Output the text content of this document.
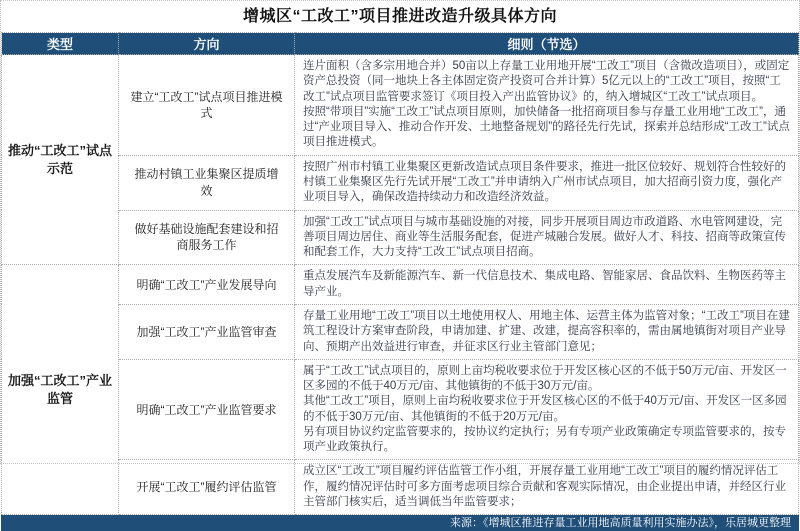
增城区“工改工”项目推进改造升级具体方向
类型	方向	细则（节选）
推动“工改工”试点示范	建立“工改工”试点项目推进模式	连片面积（含多宗用地合并）50亩以上存量工业用地开展“工改工”项目（含微改造项目），或固定资产总投资（同一地块上各主体固定资产投资可合并计算）5亿元以上的“工改工”项目，按照“工改工”试点项目监管要求签订《项目投入产出监管协议》的，纳入增城区“工改工”试点项目。
按照“带项目”实施“工改工”试点项目原则，加快储备一批招商项目参与存量工业用地“工改工”，通过“产业项目导入、推动合作开发、土地整备规划”的路径先行先试，探索并总结形成“工改工”试点项目推进模式。

	推动村镇工业集聚区提质增效	按照广州市村镇工业集聚区更新改造试点项目条件要求，推进一批区位较好、规划符合性较好的村镇工业集聚区先行先试开展“工改工”并申请纳入广州市试点项目，加大招商引资力度，强化产业项目导入，确保改造持续动力和改造经济效益。

	做好基础设施配套建设和招商服务工作	加强“工改工”试点项目与城市基础设施的对接，同步开展项目周边市政道路、水电管网建设，完善项目周边居住、商业等生活服务配套，促进产城融合发展。做好人才、科技、招商等政策宣传和配套工作，大力支持“工改工”试点项目招商。

加强“工改工”产业监管	明确“工改工”产业发展导向	重点发展汽车及新能源汽车、新一代信息技术、集成电路、智能家居、食品饮料、生物医药等主导产业。

	加强“工改工”产业监管审查	存量工业用地“工改工”项目以土地使用权人、用地主体、运营主体为监管对象；“工改工”项目在建筑工程设计方案审查阶段，申请加建、扩建、改建，提高容积率的，需由属地镇街对项目产业导向、预期产出效益进行审查，并征求区行业主管部门意见；

	明确“工改工”产业监管要求	属于“工改工”试点项目的，原则上亩均税收要求位于开发区核心区的不低于50万元/亩、开发区一区多园的不低于40万元/亩、其他镇街的不低于30万元/亩。
其他“工改工”项目，原则上亩均税收要求位于开发区核心区的不低于40万元/亩、开发区一区多园的不低于30万元/亩、其他镇街的不低于20万元/亩。
另有项目协议约定监管要求的，按协议约定执行；另有专项产业政策确定专项监管要求的，按专项产业政策执行。

	开展“工改工”履约评估监管	成立区“工改工”项目履约评估监管工作小组，开展存量工业用地“工改工”项目的履约情况评估工作，履约情况评估时可多方面考虑项目综合贡献和客观实际情况，由企业提出申请，并经区行业主管部门核实后，适当调低当年监管要求；
来源：《增城区推进存量工业用地高质量利用实施办法》，乐居城更整理
